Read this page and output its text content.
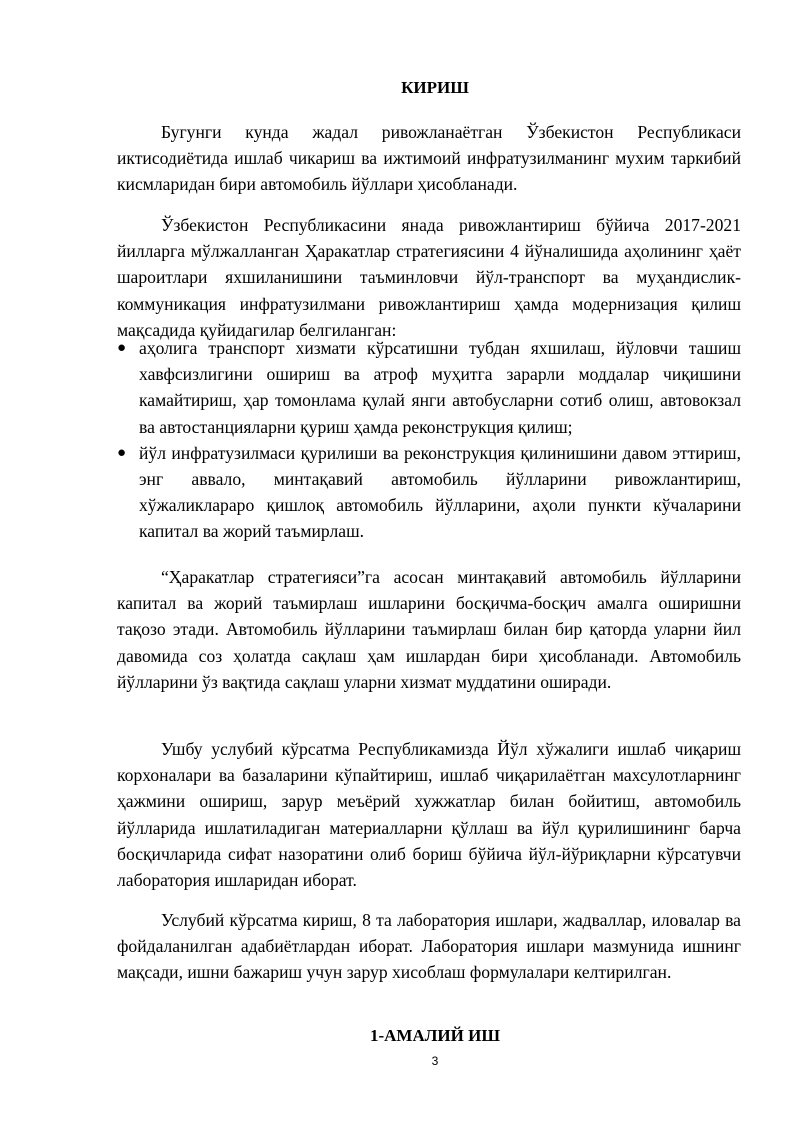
КИРИШ

Бугунги кунда жадал ривожланаётган Ўзбекистон Республикаси иктисодиётида ишлаб чикариш ва ижтимоий инфратузилманинг мухим таркибий кисмларидан бири автомобиль йўллари ҳисобланади.

Ўзбекистон Республикасини янада ривожлантириш бўйича 2017-2021 йилларга мўлжалланган Ҳаракатлар стратегиясини 4 йўналишида аҳолининг ҳаёт шароитлари яхшиланишини таъминловчи йўл-транспорт ва муҳандислик-коммуникация инфратузилмани ривожлантириш ҳамда модернизация қилиш мақсадида қуйидагилар белгиланган:

● аҳолига транспорт хизмати кўрсатишни тубдан яхшилаш, йўловчи ташиш хавфсизлигини ошириш ва атроф муҳитга зарарли моддалар чиқишини камайтириш, ҳар томонлама қулай янги автобусларни сотиб олиш, автовокзал ва автостанцияларни қуриш ҳамда реконструкция қилиш;
● йўл инфратузилмаси қурилиши ва реконструкция қилинишини давом эттириш, энг аввало, минтақавий автомобиль йўлларини ривожлантириш, хўжаликлараро қишлоқ автомобиль йўлларини, аҳоли пункти кўчаларини капитал ва жорий таъмирлаш.

“Ҳаракатлар стратегияси”га асосан минтақавий автомобиль йўлларини капитал ва жорий таъмирлаш ишларини босқичма-босқич амалга оширишни тақозо этади. Автомобиль йўлларини таъмирлаш билан бир қаторда уларни йил давомида соз ҳолатда сақлаш ҳам ишлардан бири ҳисобланади. Автомобиль йўлларини ўз вақтида сақлаш уларни хизмат муддатини оширади.

Ушбу услубий кўрсатма Республикамизда Йўл хўжалиги ишлаб чиқариш корхоналари ва базаларини кўпайтириш, ишлаб чиқарилаётган махсулотларнинг ҳажмини ошириш, зарур меъёрий хужжатлар билан бойитиш, автомобиль йўлларида ишлатиладиган материалларни қўллаш ва йўл қурилишининг барча босқичларида сифат назоратини олиб бориш бўйича йўл-йўриқларни кўрсатувчи лаборатория ишларидан иборат.

Услубий кўрсатма кириш, 8 та лаборатория ишлари, жадваллар, иловалар ва фойдаланилган адабиётлардан иборат. Лаборатория ишлари мазмунида ишнинг мақсади, ишни бажариш учун зарур хисоблаш формулалари келтирилган.

1-АМАЛИЙ ИШ
3
